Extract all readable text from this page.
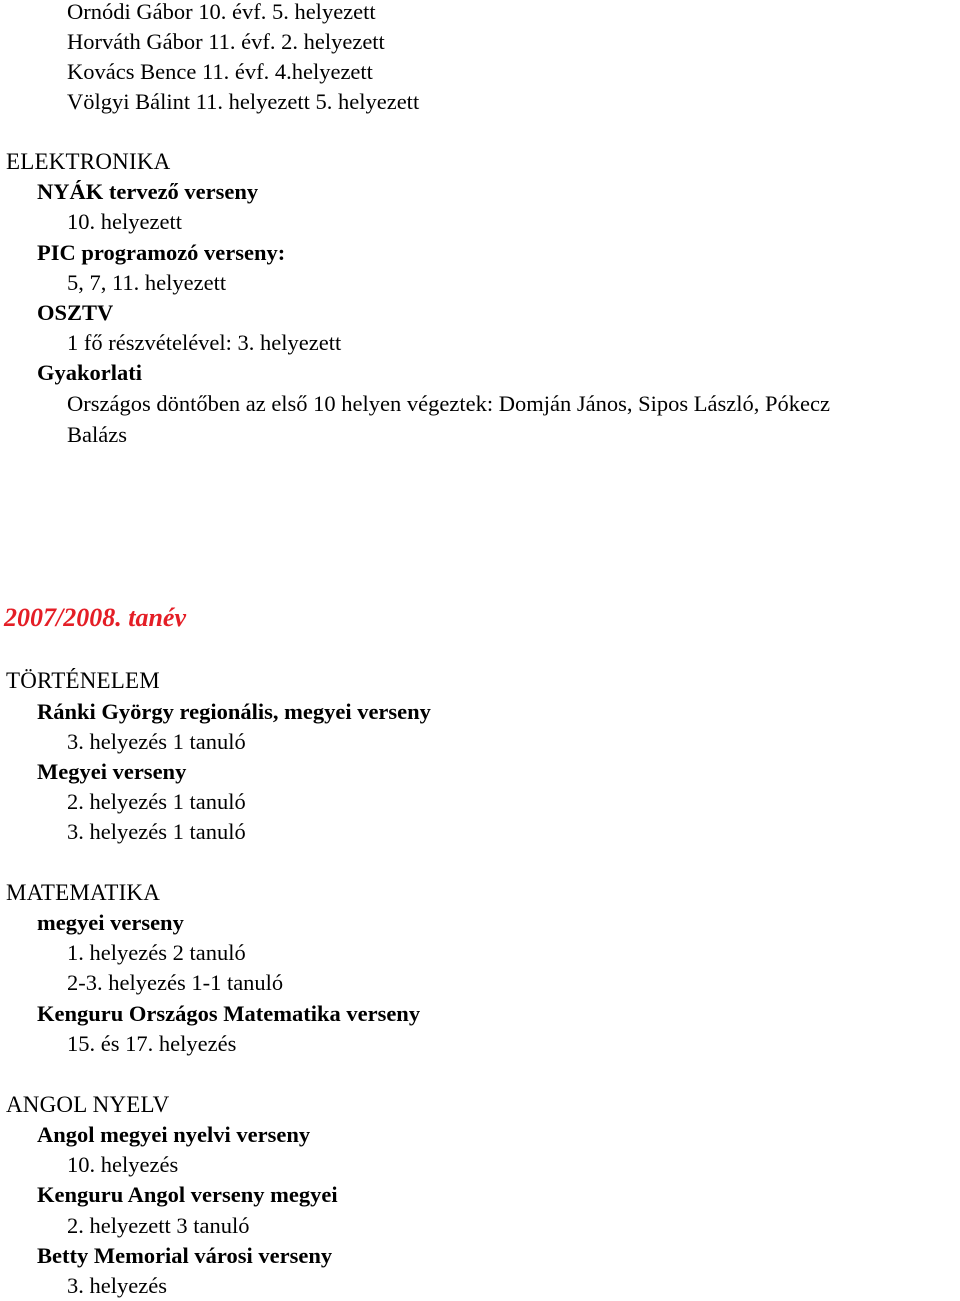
Ornódi Gábor 10. évf. 5. helyezett
Horváth Gábor 11. évf. 2. helyezett
Kovács Bence 11. évf. 4.helyezett
Völgyi Bálint 11. helyezett 5. helyezett
ELEKTRONIKA
NYÁK tervező verseny
10. helyezett
PIC programozó verseny:
5, 7, 11. helyezett
OSZTV
1 fő részvételével: 3. helyezett
Gyakorlati
Országos döntőben az első 10 helyen végeztek: Domján János, Sipos László, Pókecz
Balázs
2007/2008. tanév
TÖRTÉNELEM
Ránki György regionális, megyei verseny
3. helyezés 1 tanuló
Megyei verseny
2. helyezés 1 tanuló
3. helyezés 1 tanuló
MATEMATIKA
megyei verseny
1. helyezés 2 tanuló
2-3. helyezés 1-1 tanuló
Kenguru Országos Matematika verseny
15. és 17. helyezés
ANGOL NYELV
Angol megyei nyelvi verseny
10. helyezés
Kenguru Angol verseny megyei
2. helyezett 3 tanuló
Betty Memorial városi verseny
3. helyezés
